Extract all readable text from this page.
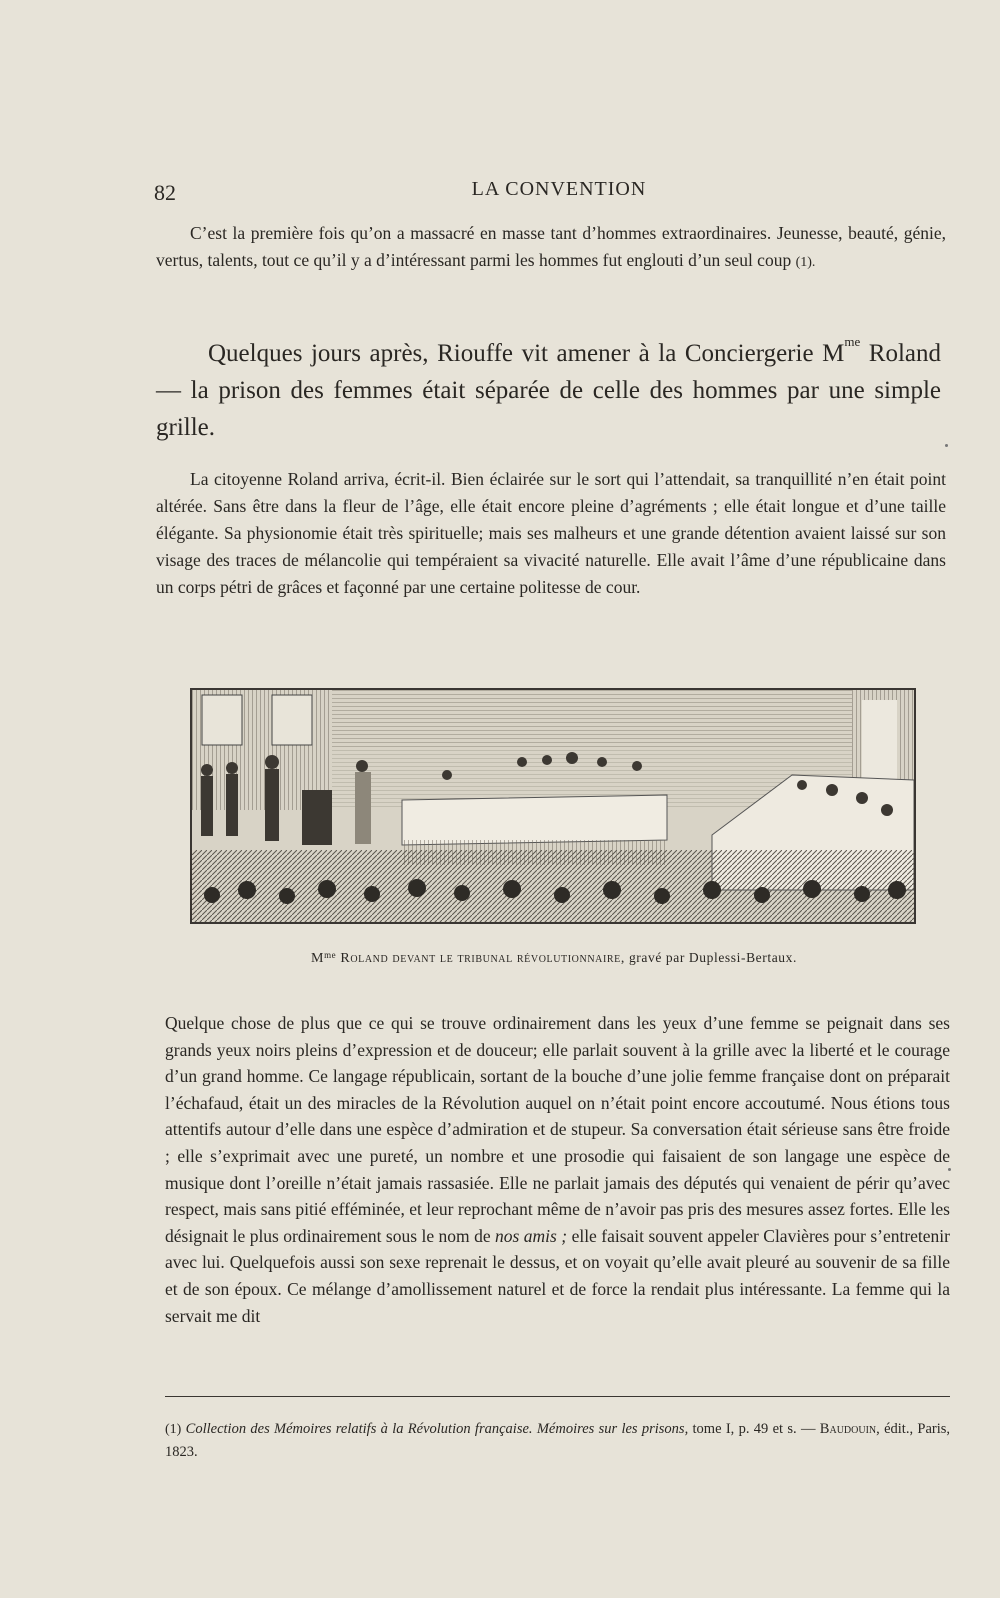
82	LA CONVENTION

C’est la première fois qu’on a massacré en masse tant d’hommes extraordinaires. Jeunesse, beauté, génie, vertus, talents, tout ce qu’il y a d’intéressant parmi les hommes fut englouti d’un seul coup (1).

Quelques jours après, Riouffe vit amener à la Conciergerie $M^{me}$ Roland — la prison des femmes était séparée de celle des hommes par une simple grille.

La citoyenne Roland arriva, écrit-il. Bien éclairée sur le sort qui l’attendait, sa tranquillité n’en était point altérée. Sans être dans la fleur de l’âge, elle était encore pleine d’agréments ; elle était longue et d’une taille élégante. Sa physionomie était très spirituelle; mais ses malheurs et une grande détention avaient laissé sur son visage des traces de mélancolie qui tempéraient sa vivacité naturelle. Elle avait l’âme d’une républicaine dans un corps pétri de grâces et façonné par une certaine politesse de cour.

$M^{me}$ Roland devant le tribunal révolutionnaire, gravé par Duplessi-Bertaux.
Quelque chose de plus que ce qui se trouve ordinairement dans les yeux d’une femme se peignait dans ses grands yeux noirs pleins d’expression et de douceur; elle parlait souvent à la grille avec la liberté et le courage d’un grand homme. Ce langage républicain, sortant de la bouche d’une jolie femme française dont on préparait l’échafaud, était un des miracles de la Révolution auquel on n’était point encore accoutumé. Nous étions tous attentifs autour d’elle dans une espèce d’admiration et de stupeur. Sa conversation était sérieuse sans être froide ; elle s’exprimait avec une pureté, un nombre et une prosodie qui faisaient de son langage une espèce de musique dont l’oreille n’était jamais rassasiée. Elle ne parlait jamais des députés qui venaient de périr qu’avec respect, mais sans pitié efféminée, et leur reprochant même de n’avoir pas pris des mesures assez fortes. Elle les désignait le plus ordinairement sous le nom de nos amis ; elle faisait souvent appeler Clavières pour s’entretenir avec lui. Quelquefois aussi son sexe reprenait le dessus, et on voyait qu’elle avait pleuré au souvenir de sa fille et de son époux. Ce mélange d’amollissement naturel et de force la rendait plus intéressante. La femme qui la servait me dit
(1) Collection des Mémoires relatifs à la Révolution française. Mémoires sur les prisons, tome I, p. 49 et s. — Baudouin, édit., Paris, 1823.
